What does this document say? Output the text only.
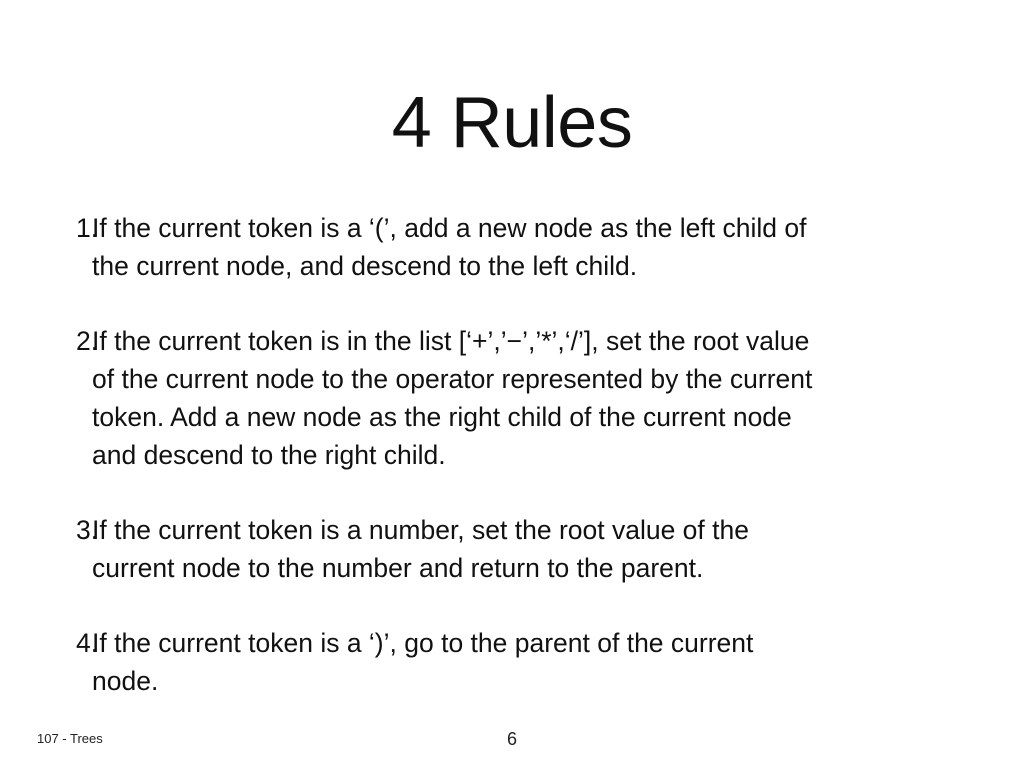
4 Rules
1.
If the current token is a ‘(’, add a new node as the left child of
the current node, and descend to the left child.
2.
If the current token is in the list [‘+’,’−’,’*’,‘/’], set the root value
of the current node to the operator represented by the current
token. Add a new node as the right child of the current node
and descend to the right child.
3.
If the current token is a number, set the root value of the
current node to the number and return to the parent.
4.
If the current token is a ‘)’, go to the parent of the current
node.
107 - Trees	6
